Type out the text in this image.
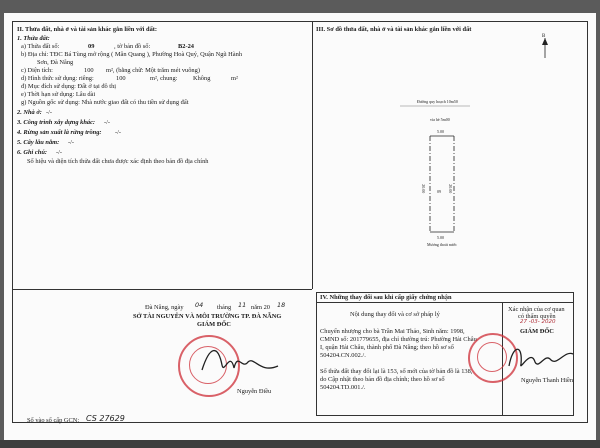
II. Thửa đất, nhà ở và tài sản khác gắn liền với đất:
1. Thửa đất:
a) Thửa đất số:	09	, tờ bản đồ số:	B2-24
b) Địa chỉ: TĐC Bá Tùng mở rộng ( Mân Quang ), Phường Hoà Quý, Quận Ngũ Hành
Sơn, Đà Nẵng
c) Diện tích:	100 m², (bằng chữ: Một trăm mét vuông)
d) Hình thức sử dụng: riêng:	100	m², chung: Không	m²
đ) Mục đích sử dụng: Đất ở tại đô thị
e) Thời hạn sử dụng: Lâu dài
g) Nguồn gốc sử dụng: Nhà nước giao đất có thu tiền sử dụng đất
2. Nhà ở: -/-
3. Công trình xây dựng khác: -/-
4. Rừng sản xuất là rừng trồng: -/-
5. Cây lâu năm: -/-
6. Ghi chú: -/-
Số hiệu và diện tích thửa đất chưa được xác định theo bản đồ địa chính
Đà Nẵng, ngày 04 tháng 11 năm 20 18
SỞ TÀI NGUYÊN VÀ MÔI TRƯỜNG TP. ĐÀ NẴNG
GIÁM ĐỐC
Nguyễn Điều
Số vào sổ cấp GCN: CS 27629
III. Sơ đồ thửa đất, nhà ở và tài sản khác gắn liền với đất
B
Đường quy hoạch 10m50
vỉa hè 5m00
5.00
20.00	20.00
09
5.00
Mương thoát nước
IV. Những thay đổi sau khi cấp giấy chứng nhận
Nội dung thay đổi và cơ sở pháp lý
Xác nhận của cơ quan
có thẩm quyền
Chuyển nhượng cho bà Trần Mai Thảo, Sinh năm: 1998,
CMND số: 201779655, địa chỉ thường trú: Phường Hải Châu
I, quận Hải Châu, thành phố Đà Nẵng; theo hồ sơ số
504204.CN.002./.
Số thửa đất thay đổi lại là 153, số mới của tờ bản đồ là 138,
do Cập nhật theo bản đồ địa chính; theo hồ sơ số
504204.TD.001./.
27 -03- 2020
GIÁM ĐỐC
Nguyễn Thanh Hiền
